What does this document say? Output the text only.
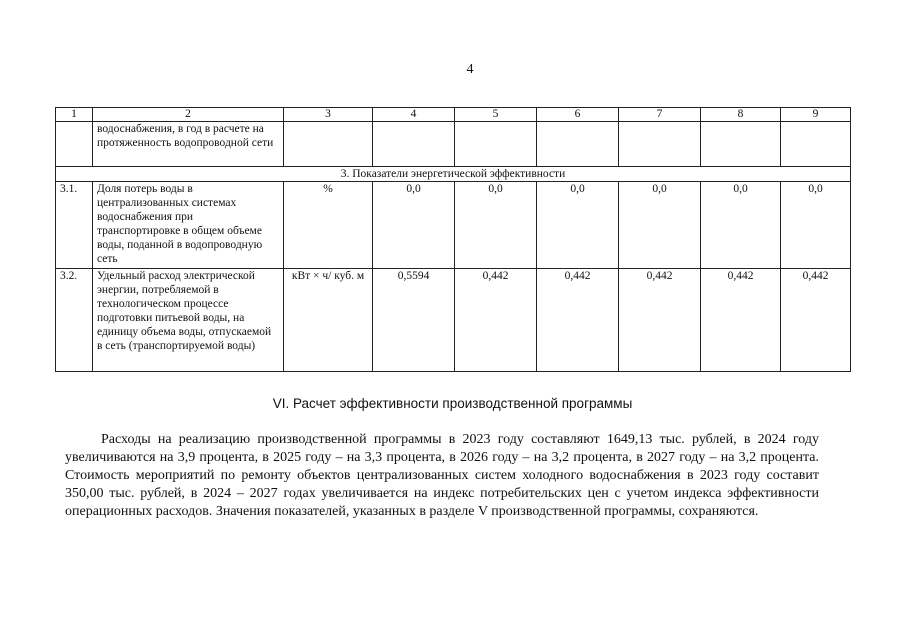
4
1	2	3	4	5	6	7	8	9
	водоснабжения, в год в расчете на протяженность водопроводной сети							
3. Показатели энергетической эффективности								
3.1.	Доля потерь воды в централизованных системах водоснабжения при транспортировке в общем объеме воды, поданной в водопроводную сеть	%	0,0	0,0	0,0	0,0	0,0	0,0
3.2.	Удельный расход электрической энергии, потребляемой в технологическом процессе подготовки питьевой воды, на единицу объема воды, отпускаемой в сеть (транспортируемой воды)	кВт × ч/ куб. м	0,5594	0,442	0,442	0,442	0,442	0,442
VI. Расчет эффективности производственной программы

Расходы на реализацию производственной программы в 2023 году составляют 1649,13 тыс. рублей, в 2024 году увеличиваются на 3,9 процента, в 2025 году – на 3,3 процента, в 2026 году – на 3,2 процента, в 2027 году – на 3,2 процента. Стоимость мероприятий по ремонту объектов централизованных систем холодного водоснабжения в 2023 году составит 350,00 тыс. рублей, в 2024 – 2027 годах увеличивается на индекс потребительских цен с учетом индекса эффективности операционных расходов. Значения показателей, указанных в разделе V производственной программы, сохраняются.
